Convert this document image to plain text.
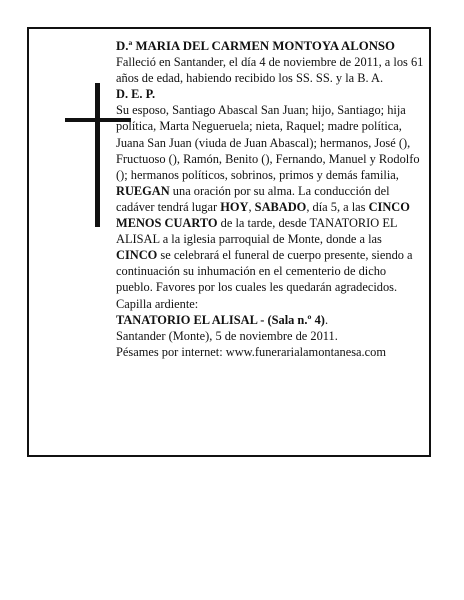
D.ª MARIA DEL CARMEN MONTOYA ALONSO

Falleció en Santander, el día 4 de noviembre de 2011, a los 61 años de edad, habiendo recibido los SS. SS. y la B. A.

D. E. P.

Su esposo, Santiago Abascal San Juan; hijo, Santiago; hija política, Marta Negueruela; nieta, Raquel; madre política, Juana San Juan (viuda de Juan Abascal); hermanos, José (), Fructuoso (), Ramón, Benito (), Fernando, Manuel y Rodolfo (); hermanos políticos, sobrinos, primos y demás familia,

RUEGAN una oración por su alma. La conducción del cadáver tendrá lugar HOY, SABADO, día 5, a las CINCO MENOS CUARTO de la tarde, desde TANATORIO EL ALISAL a la iglesia parroquial de Monte, donde a las CINCO se celebrará el funeral de cuerpo presente, siendo a continuación su inhumación en el cementerio de dicho pueblo. Favores por los cuales les quedarán agradecidos. Capilla ardiente:

TANATORIO EL ALISAL - (Sala n.º 4).

Santander (Monte), 5 de noviembre de 2011.

Pésames por internet: www.funerarialamontanesa.com
